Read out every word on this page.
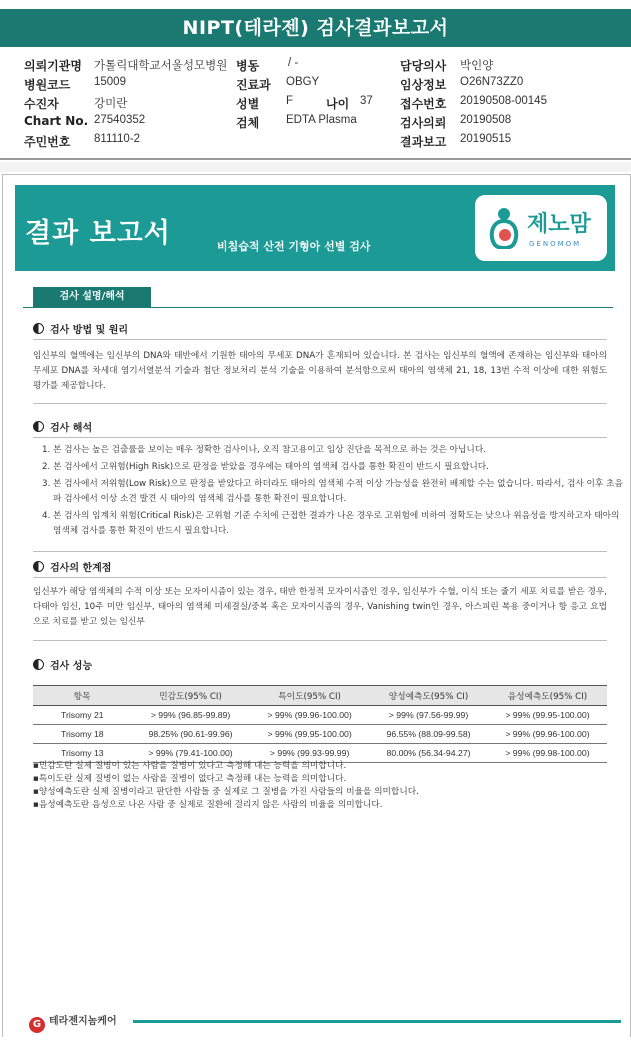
NIPT(테라젠) 검사결과보고서
의뢰기관명 가톨릭대학교서울성모병원 병동	/ -	담당의사 박인양
병원코드 15009	진료과 OBGY	임상정보 O26N73ZZ0
수진자	강미란	성별 F	나이 37 접수번호 20190508-00145
Chart No. 27540352	검체 EDTA Plasma	검사의뢰 20190508
주민번호 811110-2	결과보고 20190515
결과 보고서	비침습적 산전 기형아 선별 검사
제노맘
GENOMOM
검사 설명/해석
검사 방법 및 원리
임신부의 혈액에는 임신부의 DNA와 태반에서 기원한 태아의 무세포 DNA가 혼재되어 있습니다. 본 검사는 임신부의 혈액에 존재하는 임신부와 태아의 무세포 DNA를 차세대 염기서열분석 기술과 첨단 정보처리 분석 기술을 이용하여 분석함으로써 태아의 염색체 21, 18, 13번 수적 이상에 대한 위험도 평가를 제공합니다.
검사 해석
1. 본 검사는 높은 검출률을 보이는 매우 정확한 검사이나, 오직 참고용이고 임상 진단을 목적으로 하는 것은 아닙니다.
2. 본 검사에서 고위험(High Risk)으로 판정을 받았을 경우에는 태아의 염색체 검사를 통한 확진이 반드시 필요합니다.
3. 본 검사에서 저위험(Low Risk)으로 판정을 받았다고 하더라도 태아의 염색체 수적 이상 가능성을 완전히 배제할 수는 없습니다. 따라서, 검사 이후 초음파 검사에서 이상 소견 발견 시 태아의 염색체 검사를 통한 확진이 필요합니다.
4. 본 검사의 임계치 위험(Critical Risk)은 고위험 기준 수치에 근접한 결과가 나온 경우로 고위험에 비하여 정확도는 낮으나 위음성을 방지하고자 태아의 염색체 검사를 통한 확진이 반드시 필요합니다.
검사의 한계점
임신부가 해당 염색체의 수적 이상 또는 모자이시즘이 있는 경우, 태반 한정적 모자이시즘인 경우, 임신부가 수혈, 이식 또는 줄기 세포 치료를 받은 경우, 다태아 임신, 10주 미만 임신부, 태아의 염색체 미세결실/중복 혹은 모자이시즘의 경우, Vanishing twin인 경우, 아스피린 복용 중이거나 항 응고 요법으로 치료를 받고 있는 임신부
검사 성능
항목	민감도(95% CI)	특이도(95% CI)	양성예측도(95% CI)	음성예측도(95% CI)
Trisomy 21	> 99% (96.85-99.89)	> 99% (99.96-100.00)	> 99% (97.56-99.99)	> 99% (99.95-100.00)
Trisomy 18	98.25% (90.61-99.96)	> 99% (99.95-100.00)	96.55% (88.09-99.58)	> 99% (99.96-100.00)
Trisomy 13	> 99% (79.41-100.00)	> 99% (99.93-99.99)	80.00% (56.34-94.27)	> 99% (99.98-100.00)
▪ 민감도란 실제 질병이 있는 사람을 질병이 있다고 측정해 내는 능력을 의미합니다.
▪ 특이도란 실제 질병이 없는 사람을 질병이 없다고 측정해 내는 능력을 의미합니다.
▪ 양성예측도란 실제 질병이라고 판단한 사람들 중 실제로 그 질병을 가진 사람들의 비율을 의미합니다.
▪ 음성예측도란 음성으로 나온 사람 중 실제로 질환에 걸리지 않은 사람의 비율을 의미합니다.
G 테라젠지놈케어
